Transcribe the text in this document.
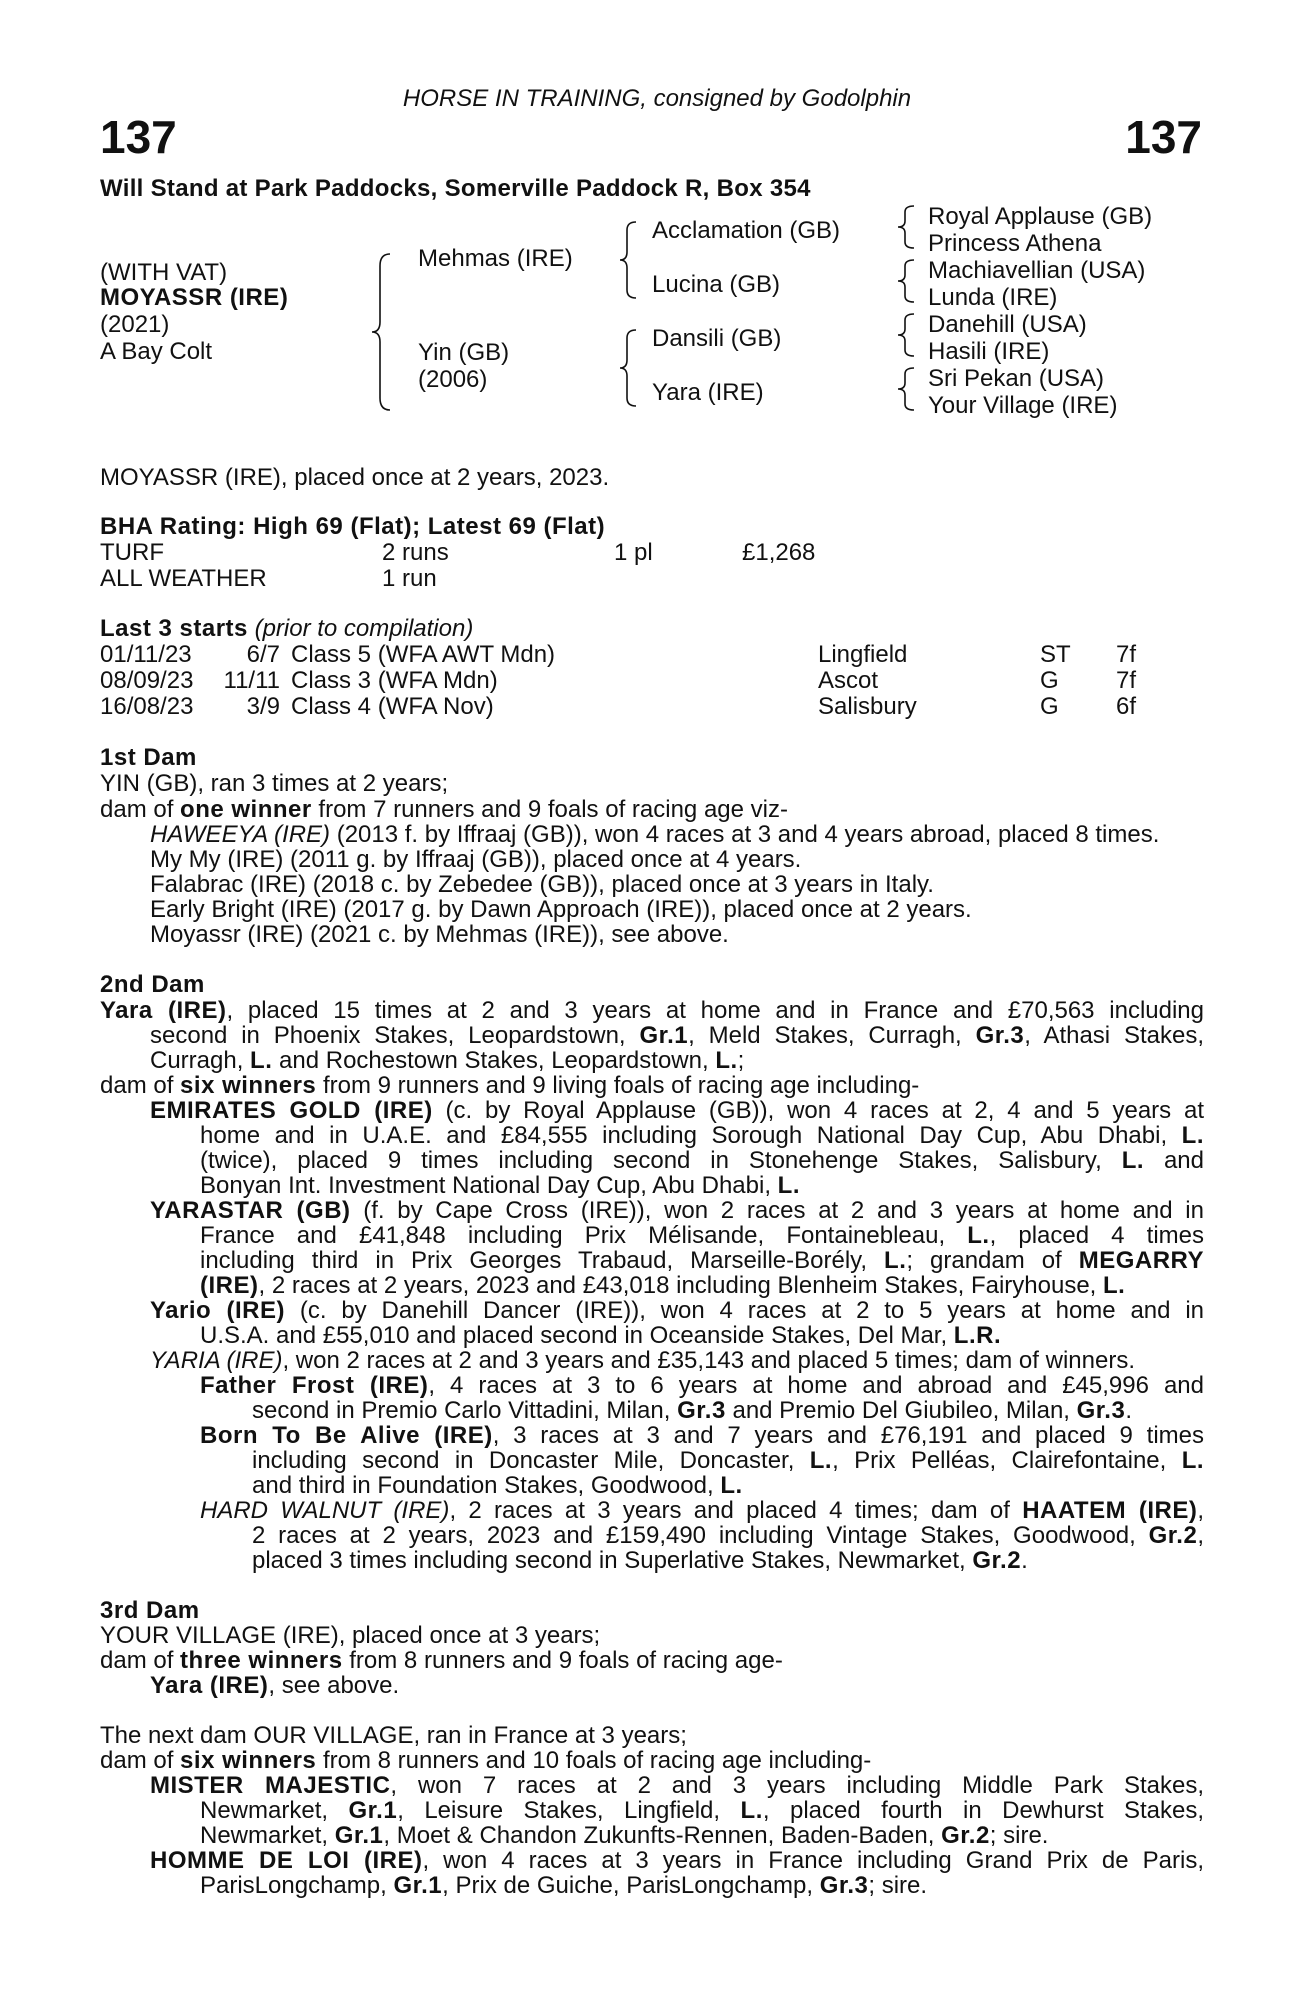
HORSE IN TRAINING, consigned by Godolphin
137	137
Will Stand at Park Paddocks, Somerville Paddock R, Box 354
(WITH VAT)
MOYASSR (IRE)
(2021)
A Bay Colt
Mehmas (IRE)
Yin (GB)
(2006)
Acclamation (GB)
Lucina (GB)
Dansili (GB)
Yara (IRE)
Royal Applause (GB)
Princess Athena
Machiavellian (USA)
Lunda (IRE)
Danehill (USA)
Hasili (IRE)
Sri Pekan (USA)
Your Village (IRE)
MOYASSR (IRE), placed once at 2 years, 2023.
BHA Rating: High 69 (Flat); Latest 69 (Flat)
TURF	2 runs	1 pl	£1,268
ALL WEATHER	1 run
Last 3 starts (prior to compilation)
01/11/23	6/7 Class 5 (WFA AWT Mdn)	Lingfield	ST 7f
08/09/23	11/11 Class 3 (WFA Mdn)	Ascot	G 7f
16/08/23	3/9 Class 4 (WFA Nov)	Salisbury	G 6f
1st Dam
YIN (GB), ran 3 times at 2 years;
dam of one winner from 7 runners and 9 foals of racing age viz-
HAWEEYA (IRE) (2013 f. by Iffraaj (GB)), won 4 races at 3 and 4 years abroad, placed 8 times.
My My (IRE) (2011 g. by Iffraaj (GB)), placed once at 4 years.
Falabrac (IRE) (2018 c. by Zebedee (GB)), placed once at 3 years in Italy.
Early Bright (IRE) (2017 g. by Dawn Approach (IRE)), placed once at 2 years.
Moyassr (IRE) (2021 c. by Mehmas (IRE)), see above.
2nd Dam
Yara (IRE), placed 15 times at 2 and 3 years at home and in France and £70,563 including
second in Phoenix Stakes, Leopardstown, Gr.1, Meld Stakes, Curragh, Gr.3, Athasi Stakes,
Curragh, L. and Rochestown Stakes, Leopardstown, L.;
dam of six winners from 9 runners and 9 living foals of racing age including-
EMIRATES GOLD (IRE) (c. by Royal Applause (GB)), won 4 races at 2, 4 and 5 years at
home and in U.A.E. and £84,555 including Sorough National Day Cup, Abu Dhabi, L.
(twice), placed 9 times including second in Stonehenge Stakes, Salisbury, L. and
Bonyan Int. Investment National Day Cup, Abu Dhabi, L.
YARASTAR (GB) (f. by Cape Cross (IRE)), won 2 races at 2 and 3 years at home and in
France and £41,848 including Prix Mélisande, Fontainebleau, L., placed 4 times
including third in Prix Georges Trabaud, Marseille-Borély, L.; grandam of MEGARRY
(IRE), 2 races at 2 years, 2023 and £43,018 including Blenheim Stakes, Fairyhouse, L.
Yario (IRE) (c. by Danehill Dancer (IRE)), won 4 races at 2 to 5 years at home and in
U.S.A. and £55,010 and placed second in Oceanside Stakes, Del Mar, L.R.
YARIA (IRE), won 2 races at 2 and 3 years and £35,143 and placed 5 times; dam of winners.
Father Frost (IRE), 4 races at 3 to 6 years at home and abroad and £45,996 and
second in Premio Carlo Vittadini, Milan, Gr.3 and Premio Del Giubileo, Milan, Gr.3.
Born To Be Alive (IRE), 3 races at 3 and 7 years and £76,191 and placed 9 times
including second in Doncaster Mile, Doncaster, L., Prix Pelléas, Clairefontaine, L.
and third in Foundation Stakes, Goodwood, L.
HARD WALNUT (IRE), 2 races at 3 years and placed 4 times; dam of HAATEM (IRE),
2 races at 2 years, 2023 and £159,490 including Vintage Stakes, Goodwood, Gr.2,
placed 3 times including second in Superlative Stakes, Newmarket, Gr.2.
3rd Dam
YOUR VILLAGE (IRE), placed once at 3 years;
dam of three winners from 8 runners and 9 foals of racing age-
Yara (IRE), see above.
The next dam OUR VILLAGE, ran in France at 3 years;
dam of six winners from 8 runners and 10 foals of racing age including-
MISTER MAJESTIC, won 7 races at 2 and 3 years including Middle Park Stakes,
Newmarket, Gr.1, Leisure Stakes, Lingfield, L., placed fourth in Dewhurst Stakes,
Newmarket, Gr.1, Moet & Chandon Zukunfts-Rennen, Baden-Baden, Gr.2; sire.
HOMME DE LOI (IRE), won 4 races at 3 years in France including Grand Prix de Paris,
ParisLongchamp, Gr.1, Prix de Guiche, ParisLongchamp, Gr.3; sire.
